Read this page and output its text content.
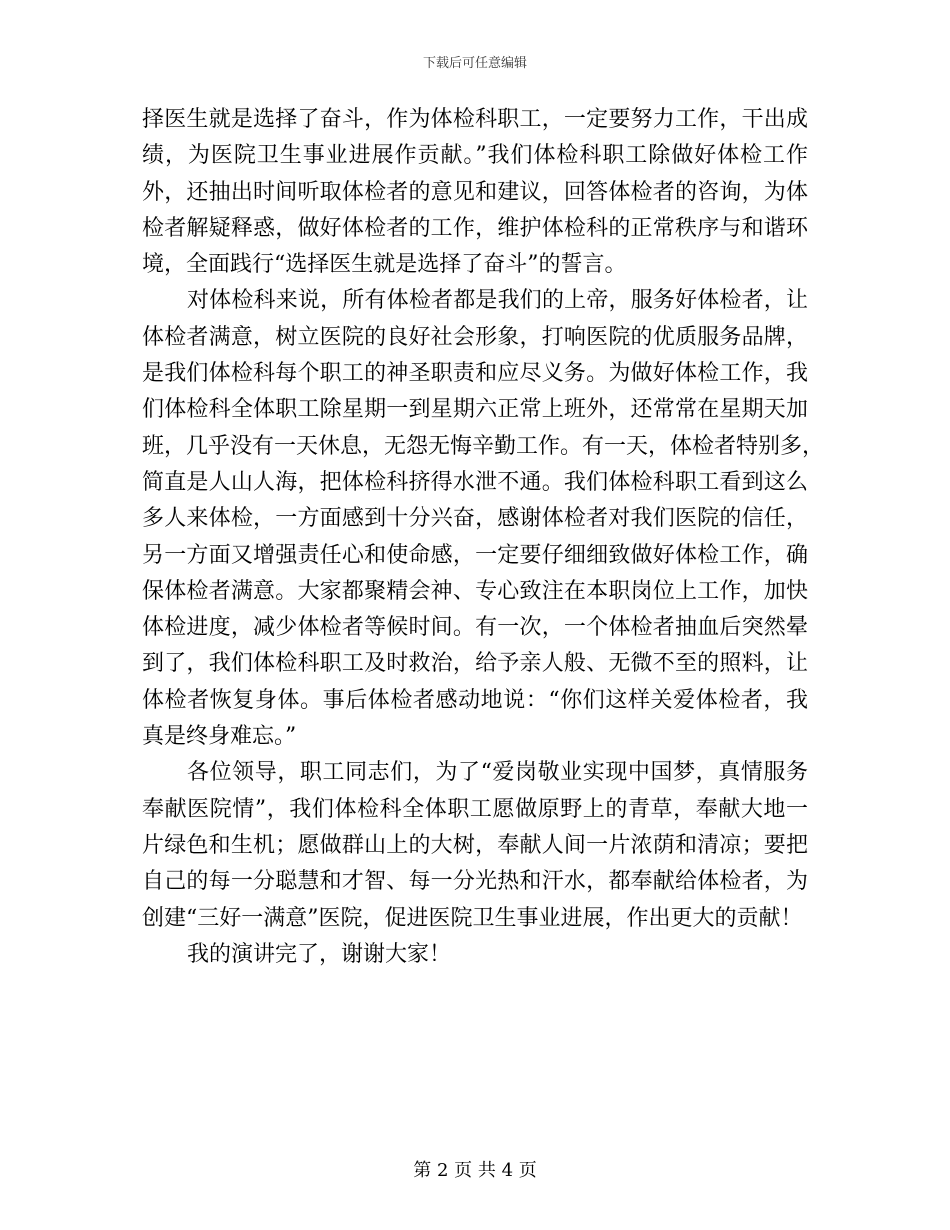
下载后可任意编辑
择医生就是选择了奋斗，作为体检科职工，一定要努力工作，干出成
绩，为医院卫生事业进展作贡献。”我们体检科职工除做好体检工作
外，还抽出时间听取体检者的意见和建议，回答体检者的咨询，为体
检者解疑释惑，做好体检者的工作，维护体检科的正常秩序与和谐环
境，全面践行“选择医生就是选择了奋斗”的誓言。
对体检科来说，所有体检者都是我们的上帝，服务好体检者，让
体检者满意，树立医院的良好社会形象，打响医院的优质服务品牌，
是我们体检科每个职工的神圣职责和应尽义务。为做好体检工作，我
们体检科全体职工除星期一到星期六正常上班外，还常常在星期天加
班，几乎没有一天休息，无怨无悔辛勤工作。有一天，体检者特别多，
简直是人山人海，把体检科挤得水泄不通。我们体检科职工看到这么
多人来体检，一方面感到十分兴奋，感谢体检者对我们医院的信任，
另一方面又增强责任心和使命感，一定要仔细细致做好体检工作，确
保体检者满意。大家都聚精会神、专心致注在本职岗位上工作，加快
体检进度，减少体检者等候时间。有一次，一个体检者抽血后突然晕
到了，我们体检科职工及时救治，给予亲人般、无微不至的照料，让
体检者恢复身体。事后体检者感动地说：“你们这样关爱体检者，我
真是终身难忘。”
各位领导，职工同志们，为了“爱岗敬业实现中国梦，真情服务
奉献医院情”，我们体检科全体职工愿做原野上的青草，奉献大地一
片绿色和生机；愿做群山上的大树，奉献人间一片浓荫和清凉；要把
自己的每一分聪慧和才智、每一分光热和汗水，都奉献给体检者，为
创建“三好一满意”医院，促进医院卫生事业进展，作出更大的贡献！
我的演讲完了，谢谢大家！
第 2 页 共 4 页
